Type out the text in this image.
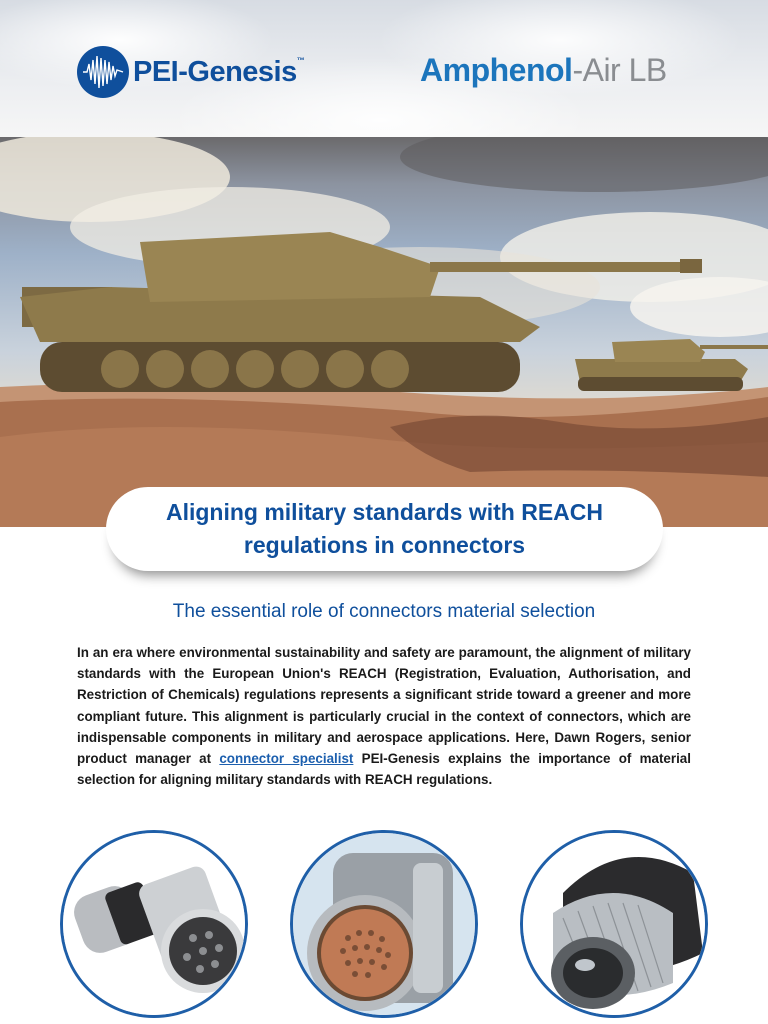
PEI-Genesis™	Amphenol-Air LB
Aligning military standards with REACH regulations in connectors
The essential role of connectors material selection

In an era where environmental sustainability and safety are paramount, the alignment of military standards with the European Union's REACH (Registration, Evaluation, Authorisation, and Restriction of Chemicals) regulations represents a significant stride toward a greener and more compliant future. This alignment is particularly crucial in the context of connectors, which are indispensable components in military and aerospace applications. Here, Dawn Rogers, senior product manager at connector specialist PEI-Genesis explains the importance of material selection for aligning military standards with REACH regulations.
